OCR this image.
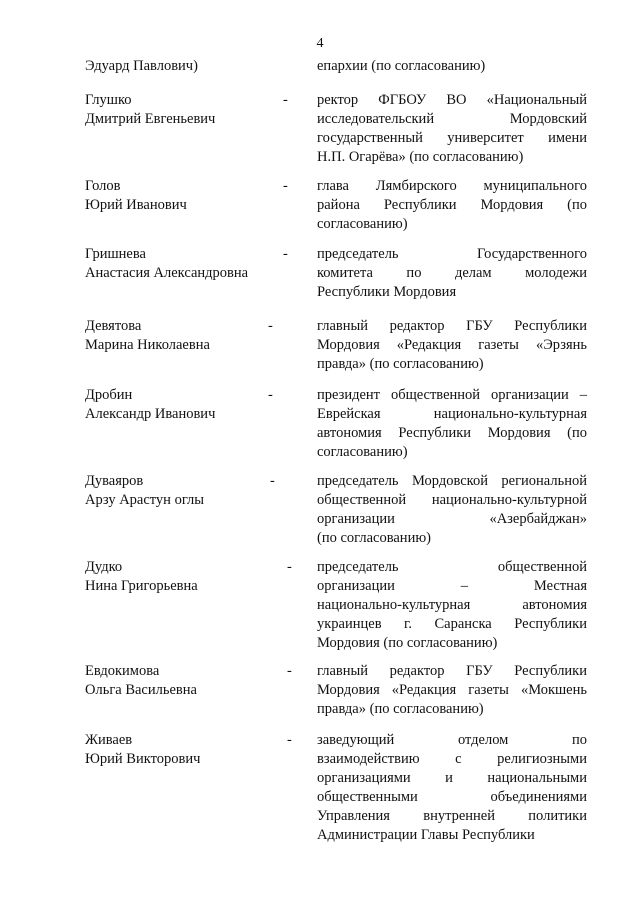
4
Эдуард Павлович)	епархии (по согласованию)
Глушко
Дмитрий Евгеньевич
- ректор ФГБОУ ВО «Национальный
исследовательский Мордовский
государственный университет имени
Н.П. Огарёва» (по согласованию)
Голов
Юрий Иванович
- глава Лямбирского муниципального
района Республики Мордовия (по
согласованию)
Гришнева
Анастасия Александровна
- председатель Государственного
комитета по делам молодежи
Республики Мордовия
Девятова
Марина Николаевна
-	главный редактор ГБУ Республики
Мордовия «Редакция газеты «Эрзянь
правда» (по согласованию)
Дробин
Александр Иванович
-	президент общественной организации –
Еврейская национально-культурная
автономия Республики Мордовия (по
согласованию)
Дуваяров
Арзу Арастун оглы
-	председатель Мордовской региональной
общественной национально-культурной
организации «Азербайджан»
(по согласованию)
Дудко
Нина Григорьевна
- председатель общественной
организации – Местная
национально-культурная автономия
украинцев г. Саранска Республики
Мордовия (по согласованию)
Евдокимова
Ольга Васильевна
- главный редактор ГБУ Республики
Мордовия «Редакция газеты «Мокшень
правда» (по согласованию)
Живаев
Юрий Викторович
- заведующий отделом по
взаимодействию с религиозными
организациями и национальными
общественными объединениями
Управления внутренней политики
Администрации Главы Республики
